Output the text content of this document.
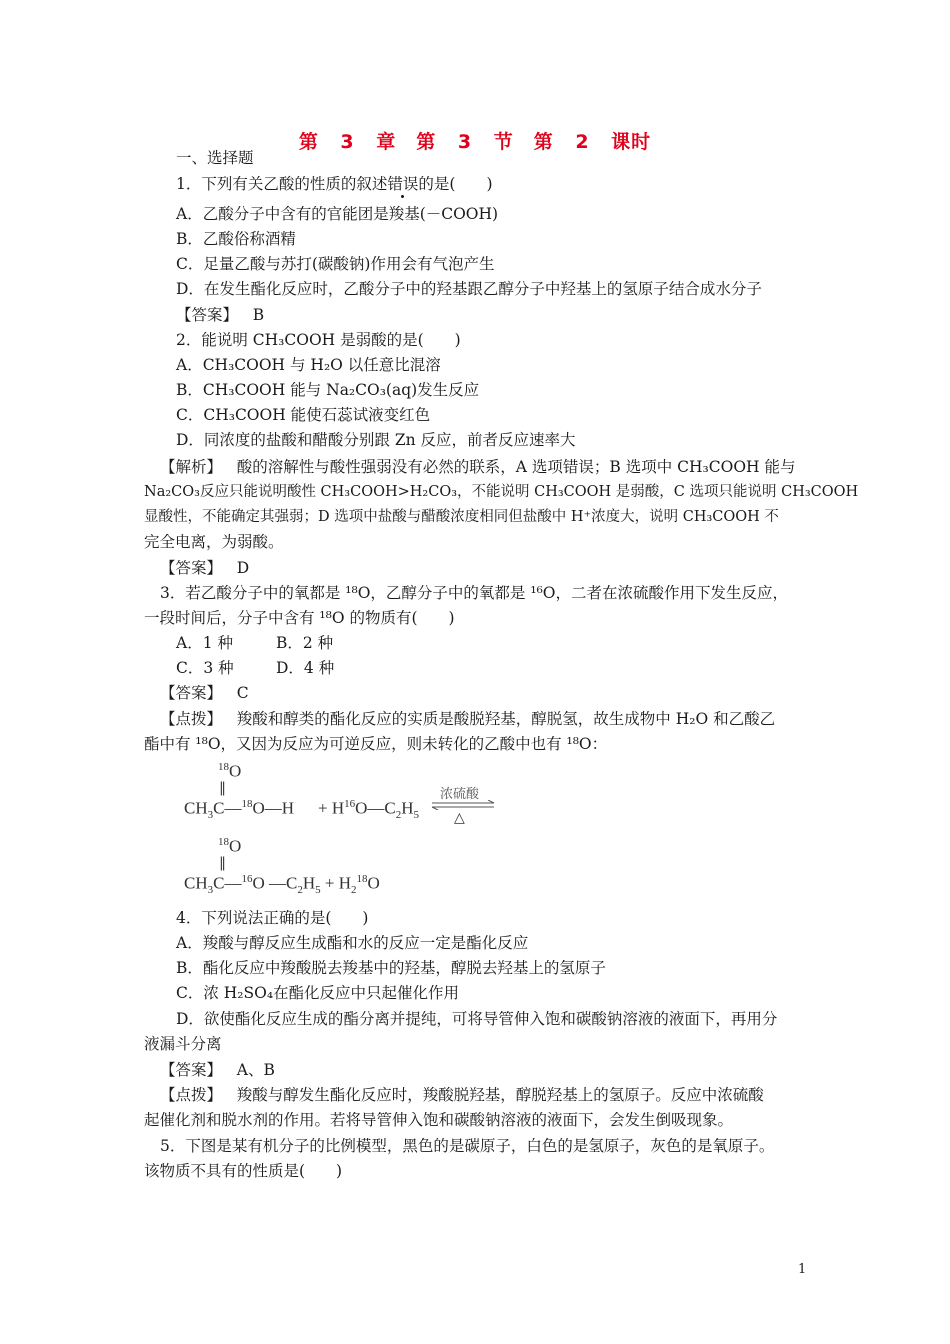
第 3 章　第 3 节　第 2 课时
一、选择题
1．下列有关乙酸的性质的叙述错误的是(　　)
A．乙酸分子中含有的官能团是羧基(－COOH)
B．乙酸俗称酒精
C．足量乙酸与苏打(碳酸钠)作用会有气泡产生
D．在发生酯化反应时，乙酸分子中的羟基跟乙醇分子中羟基上的氢原子结合成水分子
【答案】 B
2．能说明 CH₃COOH 是弱酸的是(　　)
A．CH₃COOH 与 H₂O 以任意比混溶
B．CH₃COOH 能与 Na₂CO₃(aq)发生反应
C．CH₃COOH 能使石蕊试液变红色
D．同浓度的盐酸和醋酸分别跟 Zn 反应，前者反应速率大
【解析】 酸的溶解性与酸性强弱没有必然的联系，A 选项错误；B 选项中 CH₃COOH 能与
Na₂CO₃反应只能说明酸性 CH₃COOH>H₂CO₃，不能说明 CH₃COOH 是弱酸，C 选项只能说明 CH₃COOH
显酸性，不能确定其强弱；D 选项中盐酸与醋酸浓度相同但盐酸中 H⁺浓度大，说明 CH₃COOH 不
完全电离，为弱酸。
【答案】 D
3．若乙酸分子中的氧都是 ¹⁸O，乙醇分子中的氧都是 ¹⁶O，二者在浓硫酸作用下发生反应，
一段时间后，分子中含有 ¹⁸O 的物质有(　　)
A．1 种	B．2 种
C．3 种	D．4 种
【答案】 C
【点拨】 羧酸和醇类的酯化反应的实质是酸脱羟基，醇脱氢，故生成物中 H₂O 和乙酸乙
酯中有 ¹⁸O，又因为反应为可逆反应，则未转化的乙酸中也有 ¹⁸O：
$^{18}$O
‖
$CH_3C—^{18}O—H$ + $H^{16}O—C_2H_5$
浓硫酸
△
$^{18}$O
‖
$CH_3C—^{16}O$ $—C_2H_5 + H_2^{18}O$
4．下列说法正确的是(　　)
A．羧酸与醇反应生成酯和水的反应一定是酯化反应
B．酯化反应中羧酸脱去羧基中的羟基，醇脱去羟基上的氢原子
C．浓 H₂SO₄在酯化反应中只起催化作用
D．欲使酯化反应生成的酯分离并提纯，可将导管伸入饱和碳酸钠溶液的液面下，再用分
液漏斗分离
【答案】 A、B
【点拨】 羧酸与醇发生酯化反应时，羧酸脱羟基，醇脱羟基上的氢原子。反应中浓硫酸
起催化剂和脱水剂的作用。若将导管伸入饱和碳酸钠溶液的液面下，会发生倒吸现象。
5．下图是某有机分子的比例模型，黑色的是碳原子，白色的是氢原子，灰色的是氧原子。
该物质不具有的性质是(　　)
1
